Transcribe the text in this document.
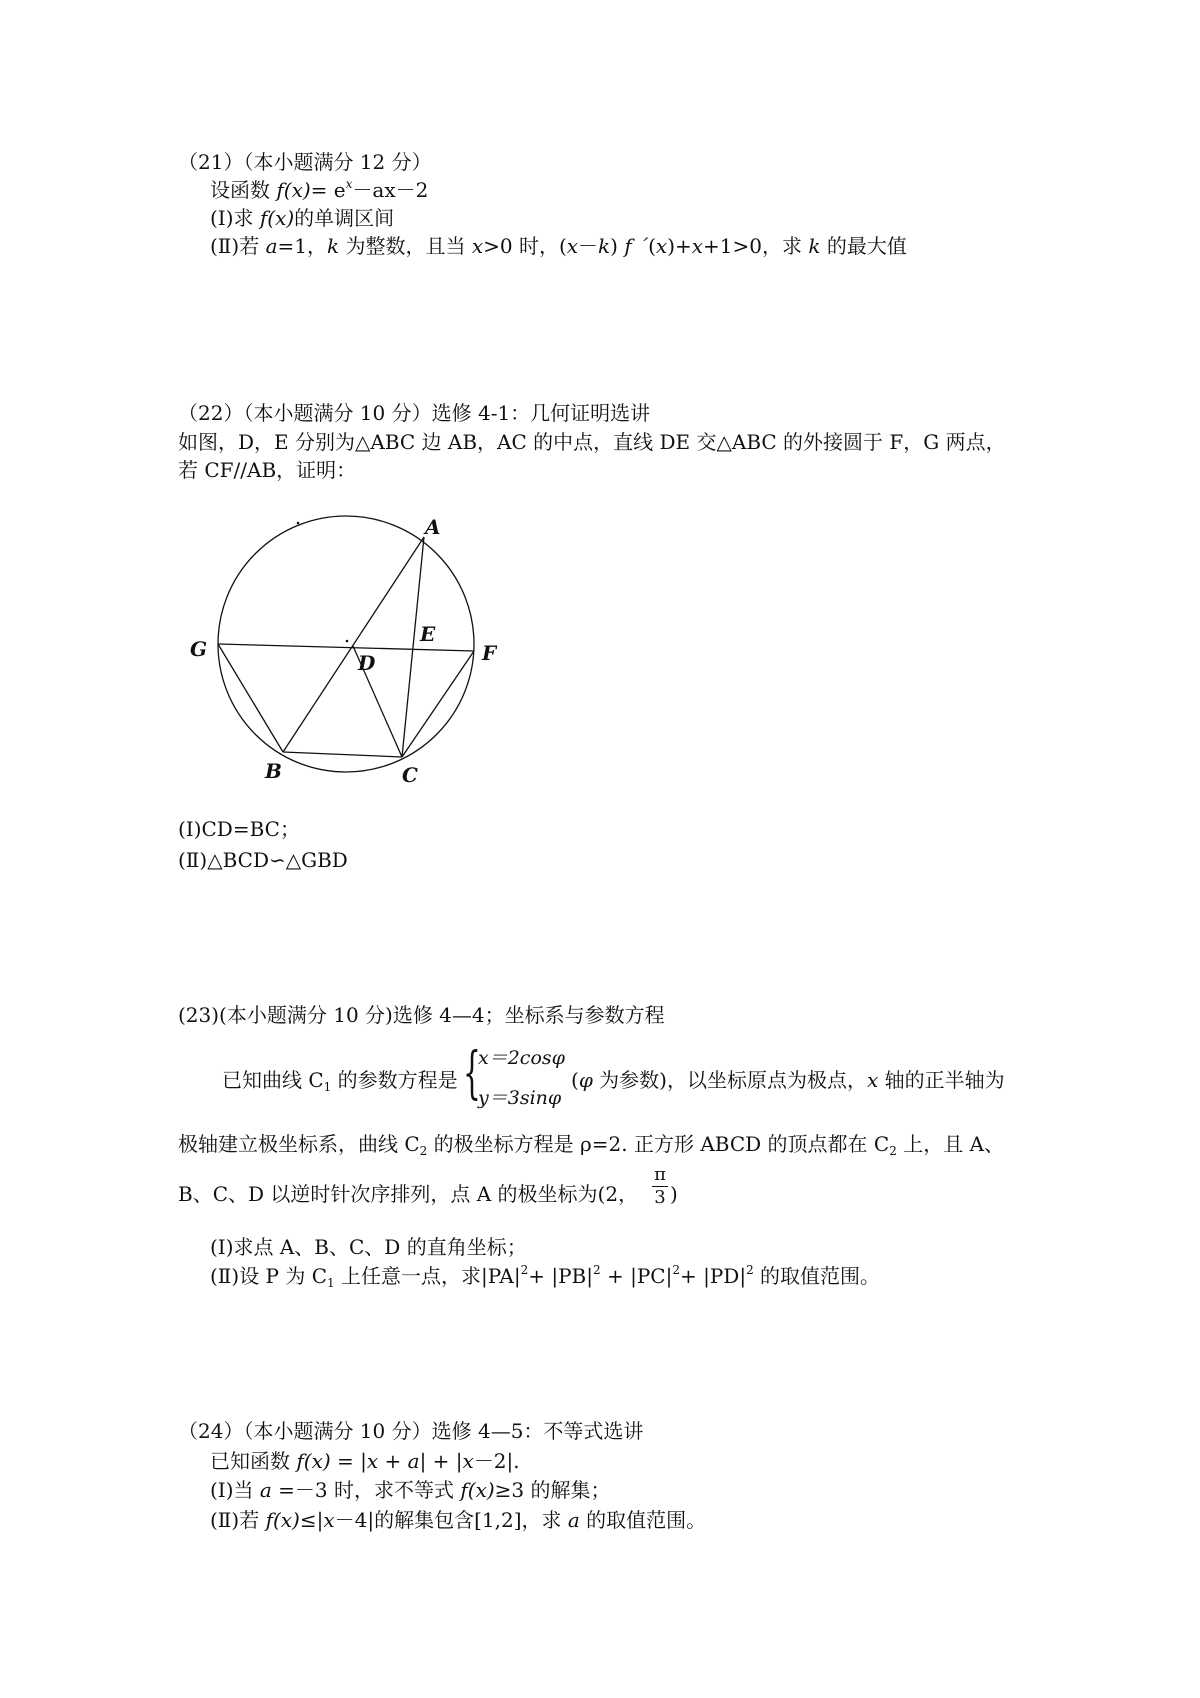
（21）（本小题满分 12 分）
设函数 $f(x)= e^x-ax-2$
(Ⅰ)求 f(x)的单调区间
(Ⅱ)若 a=1，k 为整数，且当 x>0 时，(x－k) f ´(x)+x+1>0，求 k 的最大值
（22）（本小题满分 10 分）选修 4-1：几何证明选讲
如图，D，E 分别为△ABC 边 AB，AC 的中点，直线 DE 交△ABC 的外接圆于 F，G 两点，
若 CF//AB，证明：
A
E
D	F
G
B	C
(Ⅰ)CD=BC；
(Ⅱ)△BCD∽△GBD
(23)(本小题满分 10 分)选修 4—4；坐标系与参数方程
已知曲线 $C_1$ 的参数方程是 {
x＝2cosφ
y＝3sinφ
(φ 为参数)，以坐标原点为极点，x 轴的正半轴为
极轴建立极坐标系，曲线 $C_2$ 的极坐标方程是 ρ=2. 正方形 ABCD 的顶点都在 $C_2$ 上，且 A、
B、C、D 以逆时针次序排列，点 A 的极坐标为(2，
π
3 )
(Ⅰ)求点 A、B、C、D 的直角坐标；
(Ⅱ)设 P 为 $C_1$ 上任意一点，求$|PA|^2+ |PB|^2 + |PC|^2+ |PD|^2$ 的取值范围。
（24）（本小题满分 10 分）选修 4—5：不等式选讲
已知函数 f(x) = |x + a| + |x－2|.
(Ⅰ)当 a =－3 时，求不等式 f(x)≥3 的解集；
(Ⅱ)若 f(x)≤|x－4|的解集包含[1,2]，求 a 的取值范围。
